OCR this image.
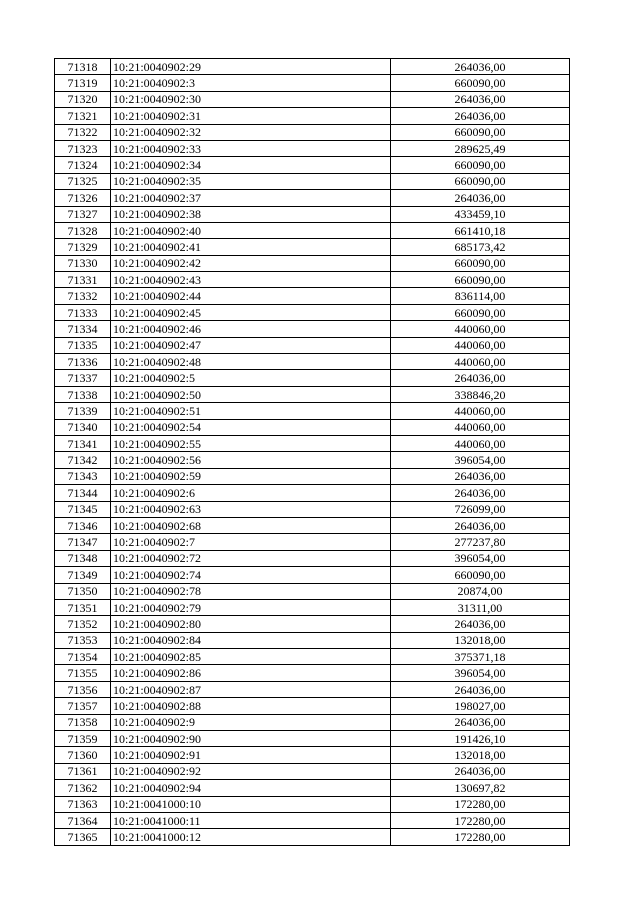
71318	10:21:0040902:29	264036,00
71319	10:21:0040902:3	660090,00
71320	10:21:0040902:30	264036,00
71321	10:21:0040902:31	264036,00
71322	10:21:0040902:32	660090,00
71323	10:21:0040902:33	289625,49
71324	10:21:0040902:34	660090,00
71325	10:21:0040902:35	660090,00
71326	10:21:0040902:37	264036,00
71327	10:21:0040902:38	433459,10
71328	10:21:0040902:40	661410,18
71329	10:21:0040902:41	685173,42
71330	10:21:0040902:42	660090,00
71331	10:21:0040902:43	660090,00
71332	10:21:0040902:44	836114,00
71333	10:21:0040902:45	660090,00
71334	10:21:0040902:46	440060,00
71335	10:21:0040902:47	440060,00
71336	10:21:0040902:48	440060,00
71337	10:21:0040902:5	264036,00
71338	10:21:0040902:50	338846,20
71339	10:21:0040902:51	440060,00
71340	10:21:0040902:54	440060,00
71341	10:21:0040902:55	440060,00
71342	10:21:0040902:56	396054,00
71343	10:21:0040902:59	264036,00
71344	10:21:0040902:6	264036,00
71345	10:21:0040902:63	726099,00
71346	10:21:0040902:68	264036,00
71347	10:21:0040902:7	277237,80
71348	10:21:0040902:72	396054,00
71349	10:21:0040902:74	660090,00
71350	10:21:0040902:78	20874,00
71351	10:21:0040902:79	31311,00
71352	10:21:0040902:80	264036,00
71353	10:21:0040902:84	132018,00
71354	10:21:0040902:85	375371,18
71355	10:21:0040902:86	396054,00
71356	10:21:0040902:87	264036,00
71357	10:21:0040902:88	198027,00
71358	10:21:0040902:9	264036,00
71359	10:21:0040902:90	191426,10
71360	10:21:0040902:91	132018,00
71361	10:21:0040902:92	264036,00
71362	10:21:0040902:94	130697,82
71363	10:21:0041000:10	172280,00
71364	10:21:0041000:11	172280,00
71365	10:21:0041000:12	172280,00
